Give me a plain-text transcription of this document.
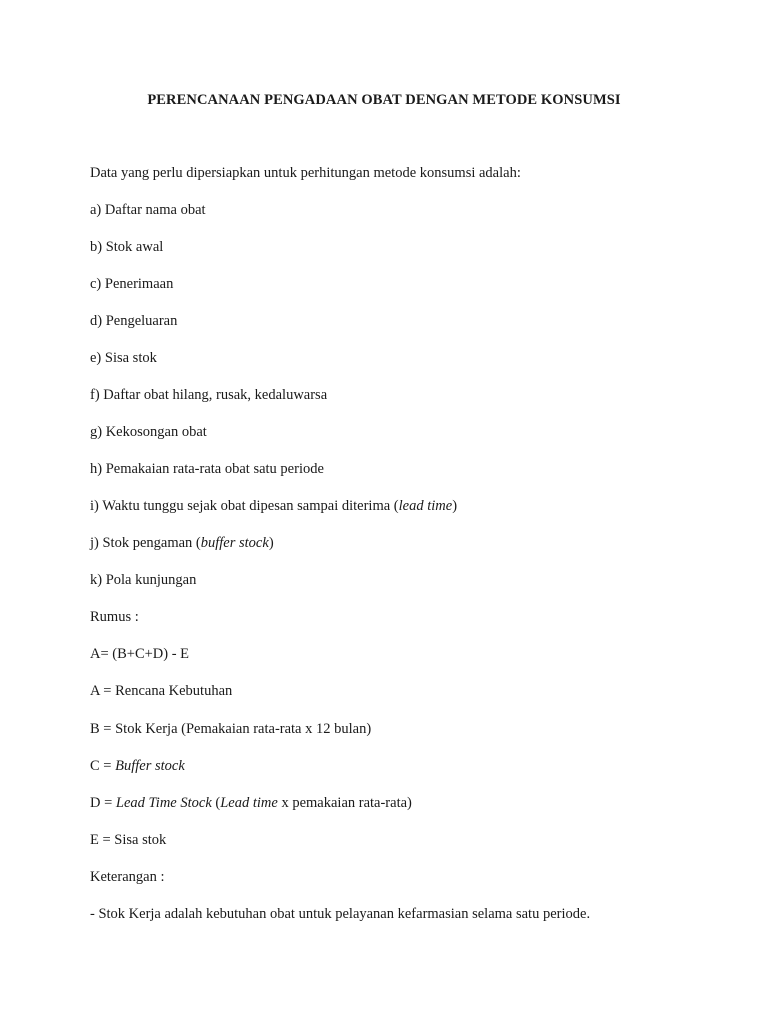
PERENCANAAN PENGADAAN OBAT DENGAN METODE KONSUMSI
Data yang perlu dipersiapkan untuk perhitungan metode konsumsi adalah:
a) Daftar nama obat
b) Stok awal
c) Penerimaan
d) Pengeluaran
e) Sisa stok
f) Daftar obat hilang, rusak, kedaluwarsa
g) Kekosongan obat
h) Pemakaian rata-rata obat satu periode
i) Waktu tunggu sejak obat dipesan sampai diterima (lead time)
j) Stok pengaman (buffer stock)
k) Pola kunjungan
Rumus :
A= (B+C+D) - E
A = Rencana Kebutuhan
B = Stok Kerja (Pemakaian rata-rata x 12 bulan)
C = Buffer stock
D = Lead Time Stock (Lead time x pemakaian rata-rata)
E = Sisa stok
Keterangan :
- Stok Kerja adalah kebutuhan obat untuk pelayanan kefarmasian selama satu periode.
